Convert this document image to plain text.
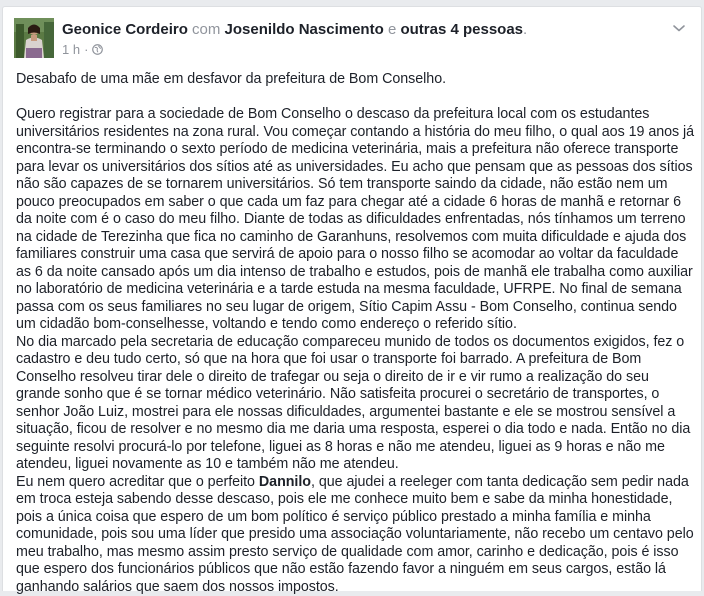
Geonice Cordeiro com Josenildo Nascimento e outras 4 pessoas.
1 h ·

Desabafo de uma mãe em desfavor da prefeitura de Bom Conselho.

Quero registrar para a sociedade de Bom Conselho o descaso da prefeitura local com os estudantes universitários residentes na zona rural. Vou começar contando a história do meu filho, o qual aos 19 anos já encontra-se terminando o sexto período de medicina veterinária, mais a prefeitura não oferece transporte para levar os universitários dos sítios até as universidades. Eu acho que pensam que as pessoas dos sítios não são capazes de se tornarem universitários. Só tem transporte saindo da cidade, não estão nem um pouco preocupados em saber o que cada um faz para chegar até a cidade 6 horas de manhã e retornar 6 da noite com é o caso do meu filho. Diante de todas as dificuldades enfrentadas, nós tínhamos um terreno na cidade de Terezinha que fica no caminho de Garanhuns, resolvemos com muita dificuldade e ajuda dos familiares construir uma casa que servirá de apoio para o nosso filho se acomodar ao voltar da faculdade as 6 da noite cansado após um dia intenso de trabalho e estudos, pois de manhã ele trabalha como auxiliar no laboratório de medicina veterinária e a tarde estuda na mesma faculdade, UFRPE. No final de semana passa com os seus familiares no seu lugar de origem, Sítio Capim Assu - Bom Conselho, continua sendo um cidadão bom-conselhesse, voltando e tendo como endereço o referido sítio.

No dia marcado pela secretaria de educação compareceu munido de todos os documentos exigidos, fez o cadastro e deu tudo certo, só que na hora que foi usar o transporte foi barrado. A prefeitura de Bom Conselho resolveu tirar dele o direito de trafegar ou seja o direito de ir e vir rumo a realização do seu grande sonho que é se tornar médico veterinário. Não satisfeita procurei o secretário de transportes, o senhor João Luiz, mostrei para ele nossas dificuldades, argumentei bastante e ele se mostrou sensível a situação, ficou de resolver e no mesmo dia me daria uma resposta, esperei o dia todo e nada. Então no dia seguinte resolvi procurá-lo por telefone, liguei as 8 horas e não me atendeu, liguei as 9 horas e não me atendeu, liguei novamente as 10 e também não me atendeu.

Eu nem quero acreditar que o perfeito Dannilo, que ajudei a reeleger com tanta dedicação sem pedir nada em troca esteja sabendo desse descaso, pois ele me conhece muito bem e sabe da minha honestidade, pois a única coisa que espero de um bom político é serviço público prestado a minha família e minha comunidade, pois sou uma líder que presido uma associação voluntariamente, não recebo um centavo pelo meu trabalho, mas mesmo assim presto serviço de qualidade com amor, carinho e dedicação, pois é isso que espero dos funcionários públicos que não estão fazendo favor a ninguém em seus cargos, estão lá ganhando salários que saem dos nossos impostos.
